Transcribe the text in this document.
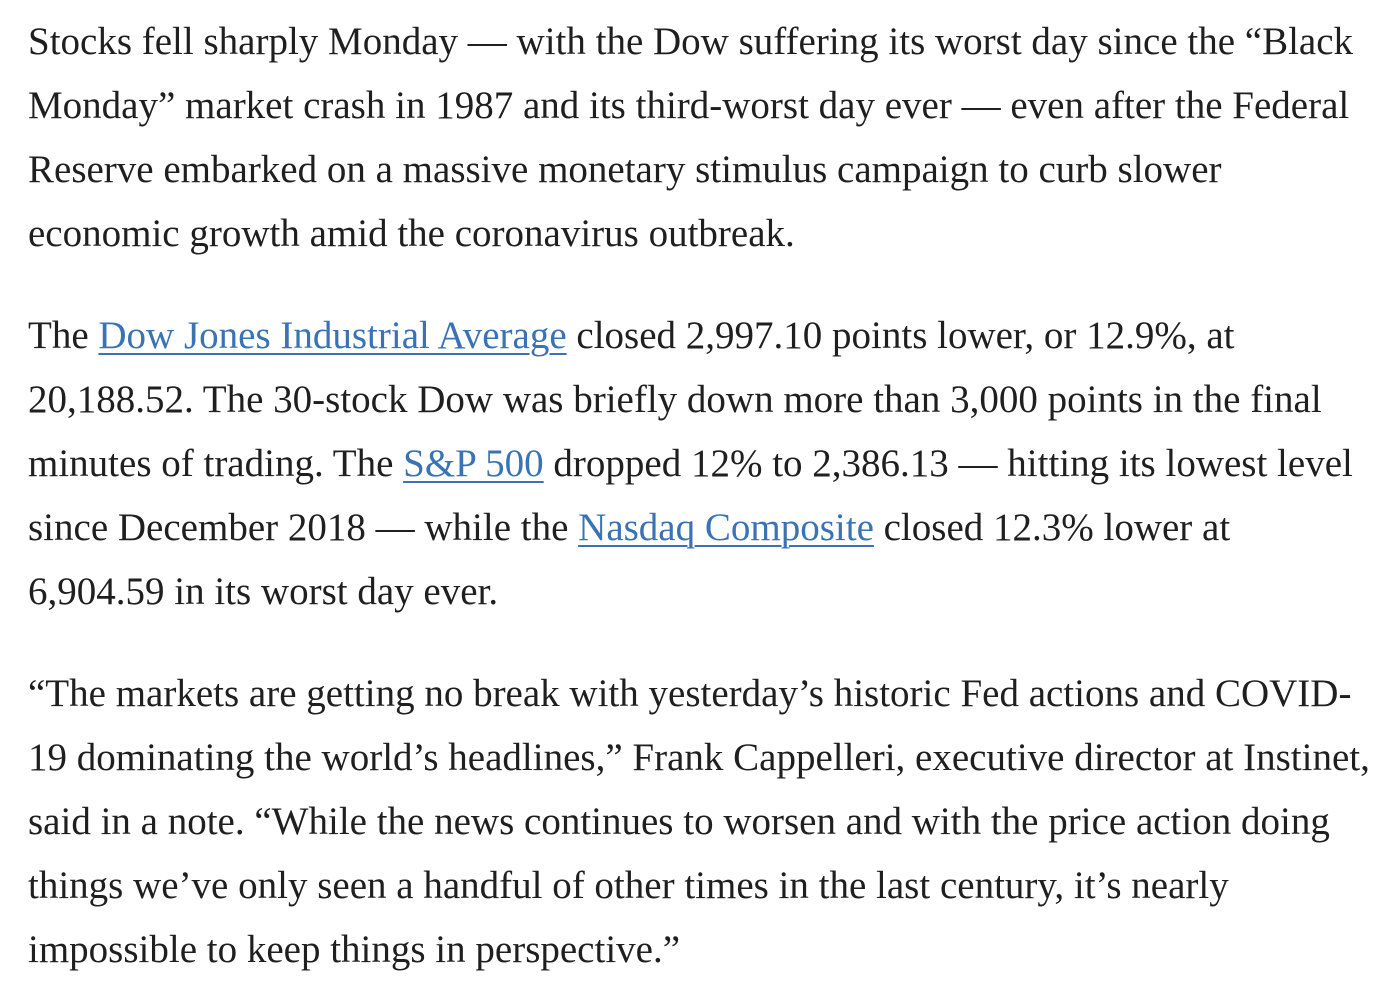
Stocks fell sharply Monday — with the Dow suffering its worst day since the “Black Monday” market crash in 1987 and its third-worst day ever — even after the Federal Reserve embarked on a massive monetary stimulus campaign to curb slower economic growth amid the coronavirus outbreak.

The Dow Jones Industrial Average closed 2,997.10 points lower, or 12.9%, at 20,188.52. The 30-stock Dow was briefly down more than 3,000 points in the final minutes of trading. The S&P 500 dropped 12% to 2,386.13 — hitting its lowest level since December 2018 — while the Nasdaq Composite closed 12.3% lower at 6,904.59 in its worst day ever.

“The markets are getting no break with yesterday’s historic Fed actions and COVID-19 dominating the world’s headlines,” Frank Cappelleri, executive director at Instinet, said in a note. “While the news continues to worsen and with the price action doing things we’ve only seen a handful of other times in the last century, it’s nearly impossible to keep things in perspective.”
